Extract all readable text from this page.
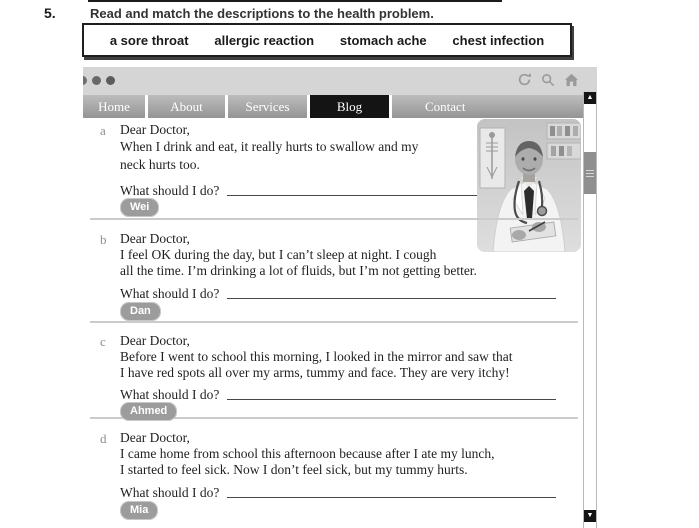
5.	Read and match the descriptions to the health problem.
a sore throat allergic reaction stomach ache chest infection
Home	About	Services	Blog	Contact
a Dear Doctor,
When I drink and eat, it really hurts to swallow and my
neck hurts too.
What should I do?
Wei
b Dear Doctor,
I feel OK during the day, but I can’t sleep at night. I cough
all the time. I’m drinking a lot of fluids, but I’m not getting better.
What should I do?
Dan
c Dear Doctor,
Before I went to school this morning, I looked in the mirror and saw that
I have red spots all over my arms, tummy and face. They are very itchy!
What should I do?
Ahmed
d Dear Doctor,
I came home from school this afternoon because after I ate my lunch,
I started to feel sick. Now I don’t feel sick, but my tummy hurts.
What should I do?
Mia
▲
▼
